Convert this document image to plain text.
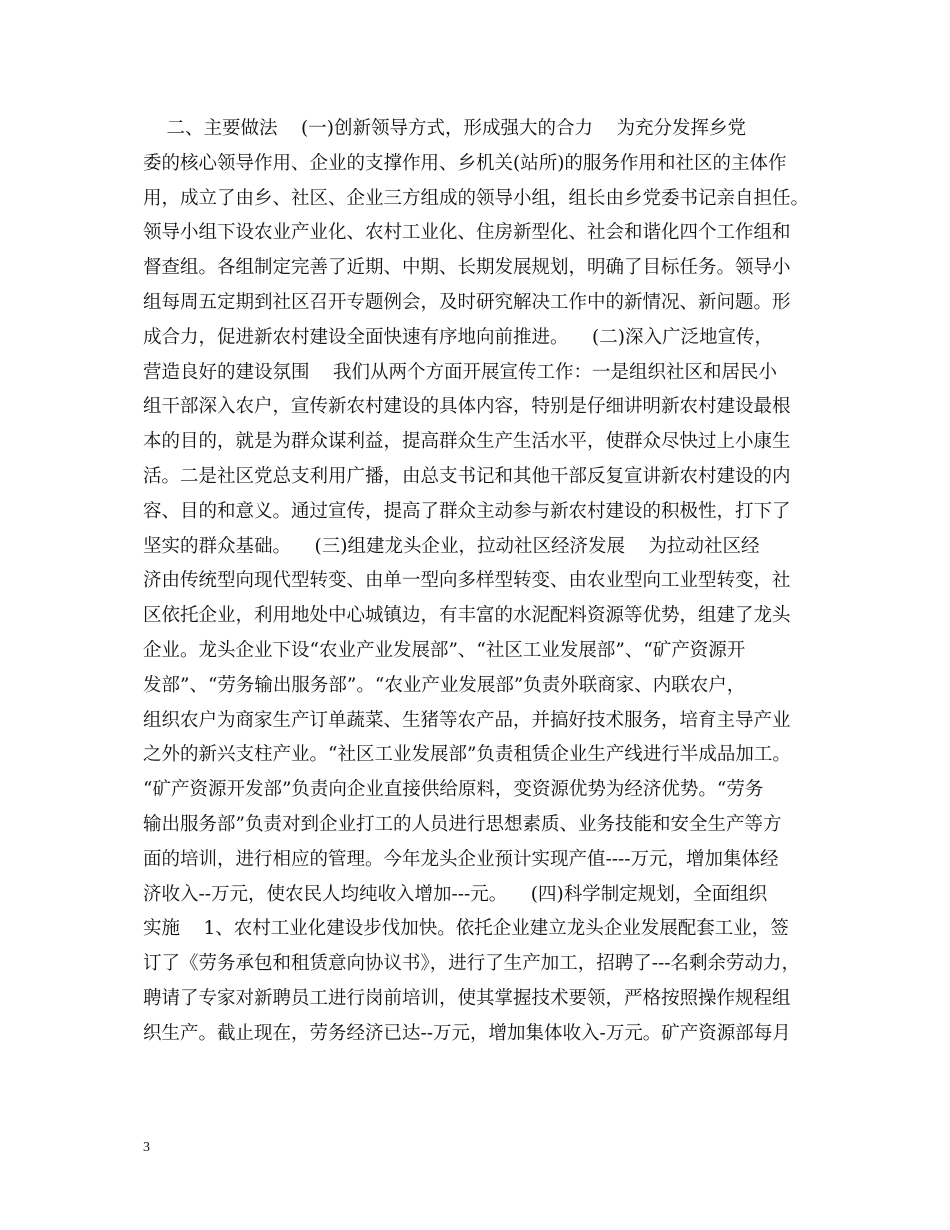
二、主要做法    (一)创新领导方式，形成强大的合力    为充分发挥乡党
委的核心领导作用、企业的支撑作用、乡机关(站所)的服务作用和社区的主体作
用，成立了由乡、社区、企业三方组成的领导小组，组长由乡党委书记亲自担任。
领导小组下设农业产业化、农村工业化、住房新型化、社会和谐化四个工作组和
督查组。各组制定完善了近期、中期、长期发展规划，明确了目标任务。领导小
组每周五定期到社区召开专题例会，及时研究解决工作中的新情况、新问题。形
成合力，促进新农村建设全面快速有序地向前推进。    (二)深入广泛地宣传，
营造良好的建设氛围    我们从两个方面开展宣传工作：一是组织社区和居民小
组干部深入农户，宣传新农村建设的具体内容，特别是仔细讲明新农村建设最根
本的目的，就是为群众谋利益，提高群众生产生活水平，使群众尽快过上小康生
活。二是社区党总支利用广播，由总支书记和其他干部反复宣讲新农村建设的内
容、目的和意义。通过宣传，提高了群众主动参与新农村建设的积极性，打下了
坚实的群众基础。    (三)组建龙头企业，拉动社区经济发展    为拉动社区经
济由传统型向现代型转变、由单一型向多样型转变、由农业型向工业型转变，社
区依托企业，利用地处中心城镇边，有丰富的水泥配料资源等优势，组建了龙头
企业。龙头企业下设“农业产业发展部”、“社区工业发展部”、“矿产资源开
发部”、“劳务输出服务部”。“农业产业发展部”负责外联商家、内联农户，
组织农户为商家生产订单蔬菜、生猪等农产品，并搞好技术服务，培育主导产业
之外的新兴支柱产业。“社区工业发展部”负责租赁企业生产线进行半成品加工。
“矿产资源开发部”负责向企业直接供给原料，变资源优势为经济优势。“劳务
输出服务部”负责对到企业打工的人员进行思想素质、业务技能和安全生产等方
面的培训，进行相应的管理。今年龙头企业预计实现产值----万元，增加集体经
济收入--万元，使农民人均纯收入增加---元。    (四)科学制定规划，全面组织
实施    1、农村工业化建设步伐加快。依托企业建立龙头企业发展配套工业，签
订了《劳务承包和租赁意向协议书》，进行了生产加工，招聘了---名剩余劳动力，
聘请了专家对新聘员工进行岗前培训，使其掌握技术要领，严格按照操作规程组
织生产。截止现在，劳务经济已达--万元，增加集体收入-万元。矿产资源部每月
3
